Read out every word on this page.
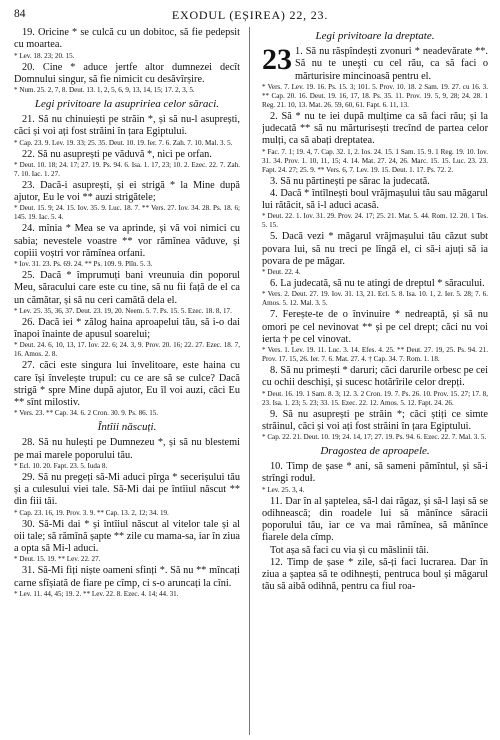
84	EXODUL (EȘIREA) 22, 23.

19. Oricine * se culcă cu un dobitoc, să fie pedepsit cu moartea.

* Lev. 18. 23; 20. 15.

20. Cine * aduce jertfe altor dumnezei decît Domnului singur, să fie nimicit cu desăvîrșire.

* Num. 25. 2, 7, 8. Deut. 13. 1, 2, 5, 6, 9, 13, 14, 15; 17. 2, 3, 5.

Legi privitoare la asupririea celor săraci.

21. Să nu chinuiești pe străin *, și să nu-l asuprești, căci și voi ați fost străini în țara Egiptului.

* Cap. 23. 9. Lev. 19. 33; 25. 35. Deut. 10. 19. Ier. 7. 6. Zah. 7. 10. Mal. 3. 5.

22. Să nu asuprești pe văduvă *, nici pe orfan.

* Deut. 10. 18; 24. 17; 27. 19. Ps. 94. 6. Isa. 1. 17, 23; 10. 2. Ezec. 22. 7. Zah. 7. 10. Iac. 1. 27.

23. Dacă-i asuprești, și ei strigă * la Mine după ajutor, Eu le voi ** auzi strigătele;

* Deut. 15. 9; 24. 15. Iov. 35. 9. Luc. 18. 7. ** Vers. 27. Iov. 34. 28. Ps. 18. 6; 145. 19. Iac. 5. 4.

24. mînia * Mea se va aprinde, și vă voi nimici cu sabia; nevestele voastre ** vor rămînea văduve, și copiii voștri vor rămînea orfani.

* Iov. 31. 23. Ps. 69. 24. ** Ps. 109. 9. Plîn. 5. 3.

25. Dacă * împrumuți bani vreunuia din poporul Meu, săracului care este cu tine, să nu fii față de el ca un cămătar, și să nu ceri camătă dela el.

* Lev. 25. 35, 36, 37. Deut. 23. 19, 20. Neem. 5. 7. Ps. 15. 5. Ezec. 18. 8, 17.

26. Dacă iei * zălog haina aproapelui tău, să i-o dai înapoi înainte de apusul soarelui;

* Deut. 24. 6, 10, 13, 17. Iov. 22. 6; 24. 3, 9. Prov. 20. 16; 22. 27. Ezec. 18. 7, 16. Amos. 2. 8.

27. căci este singura lui învelitoare, este haina cu care își învelește trupul: cu ce are să se culce? Dacă strigă * spre Mine după ajutor, Eu îl voi auzi, căci Eu ** sînt milostiv.

* Vers. 23. ** Cap. 34. 6. 2 Cron. 30. 9. Ps. 86. 15.

Întîii născuți.

28. Să nu hulești pe Dumnezeu *, și să nu blestemi pe mai marele poporului tău.

* Ecl. 10. 20. Fapt. 23. 5. Iuda 8.

29. Să nu pregeți să-Mi aduci pîrga * secerișului tău și a culesului viei tale. Să-Mi dai pe întîiul născut ** din fiii tăi.

* Cap. 23. 16, 19. Prov. 3. 9. ** Cap. 13. 2, 12; 34. 19.

30. Să-Mi dai * și întîiul născut al vitelor tale și al oii tale; să rămînă șapte ** zile cu mama-sa, iar în ziua a opta să Mi-l aduci.

* Deut. 15. 19. ** Lev. 22. 27.

31. Să-Mi fiți niște oameni sfinți *. Să nu ** mîncați carne sfîșiată de fiare pe cîmp, ci s-o aruncați la cîni.

* Lev. 11. 44, 45; 19. 2. ** Lev. 22. 8. Ezec. 4. 14; 44. 31.

Legi privitoare la dreptate.

23 1. Să nu răspîndești zvonuri * neadevărate **. Să nu te uneşti cu cel rău, ca să faci o mărturisire mincinoasă pentru el.

* Vers. 7. Lev. 19. 16. Ps. 15. 3; 101. 5. Prov. 10. 18. 2 Sam. 19. 27. cu 16. 3. ** Cap. 20. 16. Deut. 19. 16, 17, 18. Ps. 35. 11. Prov. 19. 5, 9, 28; 24. 28. 1 Reg. 21. 10, 13. Mat. 26. 59, 60, 61. Fapt. 6. 11, 13.

2. Să * nu te iei după mulțime ca să faci rău; și la judecată ** să nu mărturisești trecînd de partea celor mulți, ca să abați dreptatea.

* Fac. 7. 1; 19. 4, 7. Cap. 32. 1, 2. Ios. 24. 15. 1 Sam. 15. 9. 1 Reg. 19. 10. Iov. 31. 34. Prov. 1. 10, 11, 15; 4. 14. Mat. 27. 24, 26. Marc. 15. 15. Luc. 23. 23. Fapt. 24. 27; 25. 9. ** Vers. 6, 7. Lev. 19. 15. Deut. 1. 17. Ps. 72. 2.

3. Să nu părtinești pe sărac la judecată.

4. Dacă * întîlnești boul vrăjmașului tău sau măgarul lui rătăcit, să i-l aduci acasă.

* Deut. 22. 1. Iov. 31. 29. Prov. 24. 17; 25. 21. Mat. 5. 44. Rom. 12. 20. 1 Tes. 5. 15.

5. Dacă vezi * măgarul vrăjmașului tău căzut subt povara lui, să nu treci pe lîngă el, ci să-i ajuți să ia povara de pe măgar.

* Deut. 22. 4.

6. La judecată, să nu te atingi de dreptul * săracului.

* Vers. 2. Deut. 27. 19. Iov. 31. 13, 21. Ecl. 5. 8. Isa. 10. 1, 2. Ier. 5. 28; 7. 6. Amos. 5. 12. Mal. 3. 5.

7. Ferește-te de o învinuire * nedreaptă, și să nu omori pe cel nevinovat ** și pe cel drept; căci nu voi ierta † pe cel vinovat.

* Vers. 1. Lev. 19. 11. Luc. 3. 14. Efes. 4. 25. ** Deut. 27. 19, 25. Ps. 94. 21. Prov. 17. 15, 26. Ier. 7. 6. Mat. 27. 4. † Cap. 34. 7. Rom. 1. 18.

8. Să nu primești * daruri; căci darurile orbesc pe cei cu ochii deschiși, și sucesc hotărîrile celor drepți.

* Deut. 16. 19. 1 Sam. 8. 3; 12. 3. 2 Cron. 19. 7. Ps. 26. 10. Prov. 15. 27; 17. 8, 23. Isa. 1. 23; 5. 23; 33. 15. Ezec. 22. 12. Amos. 5. 12. Fapt. 24. 26.

9. Să nu asuprești pe străin *; căci știți ce simte străinul, căci și voi ați fost străini în țara Egiptului.

* Cap. 22. 21. Deut. 10. 19; 24. 14, 17; 27. 19. Ps. 94. 6. Ezec. 22. 7. Mal. 3. 5.

Dragostea de aproapele.

10. Timp de șase * ani, să sameni pămîntul, și să-i strîngi roduł.

* Lev. 25. 3, 4.

11. Dar în al șaptelea, să-l dai răgaz, și să-l lași să se odihnească; din roadele lui să mănînce săracii poporului tău, iar ce va mai rămînea, să mănînce fiarele dela cîmp.

Tot așa să faci cu via și cu măslinii tăi.

12. Timp de șase * zile, să-ți faci lucrarea. Dar în ziua a șaptea să te odihnești, pentruca boul și măgarul tău să aibă odihnă, pentru ca fiul roa-
